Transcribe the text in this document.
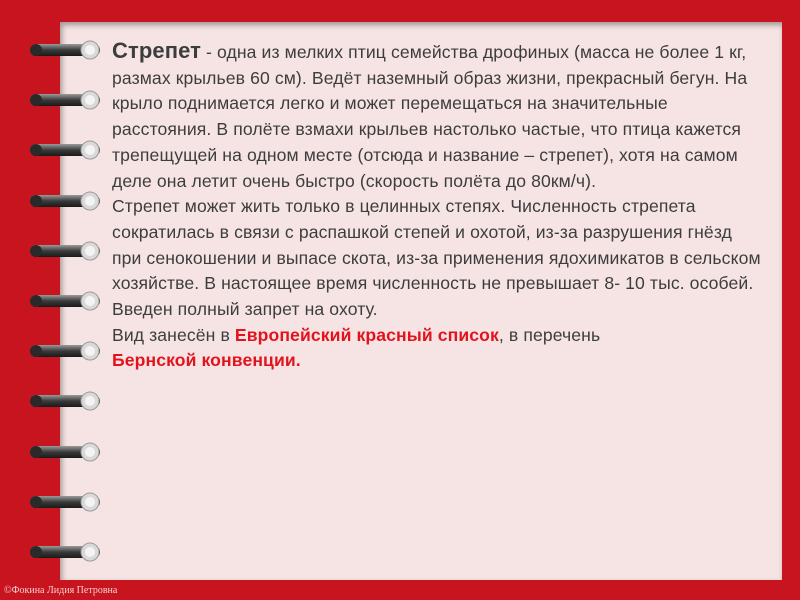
Стрепет - одна из мелких птиц семейства дрофиных (масса не более 1 кг, размах крыльев 60 см). Ведёт наземный образ жизни, прекрасный бегун. На крыло поднимается легко и может перемещаться на значительные расстояния. В полёте взмахи крыльев настолько частые, что птица кажется трепещущей на одном месте (отсюда и название – стрепет), хотя на самом деле она летит очень быстро (скорость полёта до 80км/ч).

Стрепет может жить только в целинных степях. Численность стрепета сократилась в связи с распашкой степей и охотой, из-за разрушения гнёзд при сенокошении и выпасе скота, из-за применения ядохимикатов в сельском хозяйстве. В настоящее время численность не превышает 8- 10 тыс. особей. Введен полный запрет на охоту.

Вид занесён в Европейский красный список, в перечень
Бернской конвенции.

©Фокина Лидия Петровна
